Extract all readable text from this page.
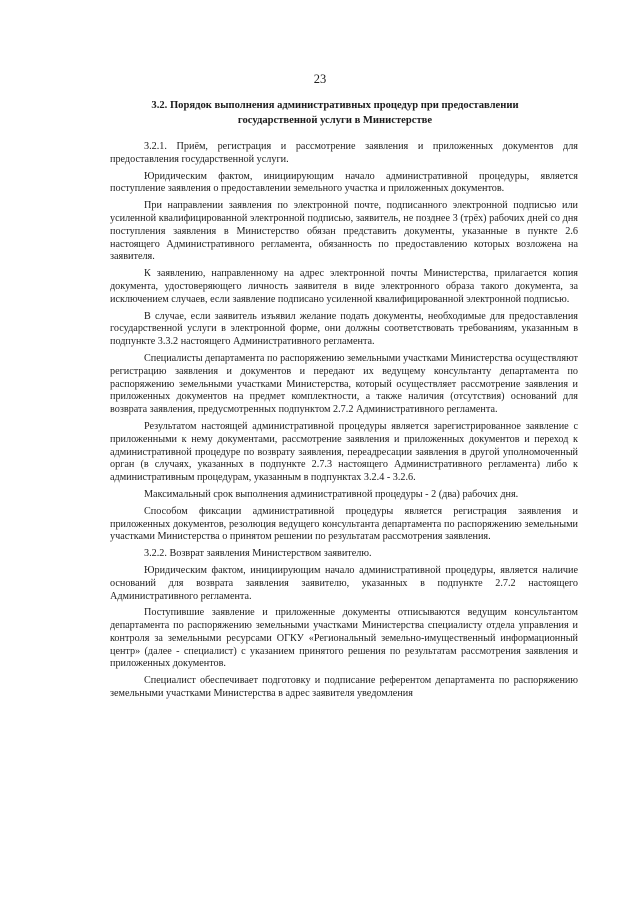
23
3.2. Порядок выполнения административных процедур при предоставлении государственной услуги в Министерстве

3.2.1. Приём, регистрация и рассмотрение заявления и приложенных документов для предоставления государственной услуги.

Юридическим фактом, инициирующим начало административной процедуры, является поступление заявления о предоставлении земельного участка и приложенных документов.

При направлении заявления по электронной почте, подписанного электронной подписью или усиленной квалифицированной электронной подписью, заявитель, не позднее 3 (трёх) рабочих дней со дня поступления заявления в Министерство обязан представить документы, указанные в пункте 2.6 настоящего Административного регламента, обязанность по предоставлению которых возложена на заявителя.

К заявлению, направленному на адрес электронной почты Министерства, прилагается копия документа, удостоверяющего личность заявителя в виде электронного образа такого документа, за исключением случаев, если заявление подписано усиленной квалифицированной электронной подписью.

В случае, если заявитель изъявил желание подать документы, необходимые для предоставления государственной услуги в электронной форме, они должны соответствовать требованиям, указанным в подпункте 3.3.2 настоящего Административного регламента.

Специалисты департамента по распоряжению земельными участками Министерства осуществляют регистрацию заявления и документов и передают их ведущему консультанту департамента по распоряжению земельными участками Министерства, который осуществляет рассмотрение заявления и приложенных документов на предмет комплектности, а также наличия (отсутствия) оснований для возврата заявления, предусмотренных подпунктом 2.7.2 Административного регламента.

Результатом настоящей административной процедуры является зарегистрированное заявление с приложенными к нему документами, рассмотрение заявления и приложенных документов и переход к административной процедуре по возврату заявления, переадресации заявления в другой уполномоченный орган (в случаях, указанных в подпункте 2.7.3 настоящего Административного регламента) либо к административным процедурам, указанным в подпунктах 3.2.4 - 3.2.6.

Максимальный срок выполнения административной процедуры - 2 (два) рабочих дня.

Способом фиксации административной процедуры является регистрация заявления и приложенных документов, резолюция ведущего консультанта департамента по распоряжению земельными участками Министерства о принятом решении по результатам рассмотрения заявления.

3.2.2. Возврат заявления Министерством заявителю.

Юридическим фактом, инициирующим начало административной процедуры, является наличие оснований для возврата заявления заявителю, указанных в подпункте 2.7.2 настоящего Административного регламента.

Поступившие заявление и приложенные документы отписываются ведущим консультантом департамента по распоряжению земельными участками Министерства специалисту отдела управления и контроля за земельными ресурсами ОГКУ «Региональный земельно-имущественный информационный центр» (далее - специалист) с указанием принятого решения по результатам рассмотрения заявления и приложенных документов.

Специалист обеспечивает подготовку и подписание референтом департамента по распоряжению земельными участками Министерства в адрес заявителя уведомления
